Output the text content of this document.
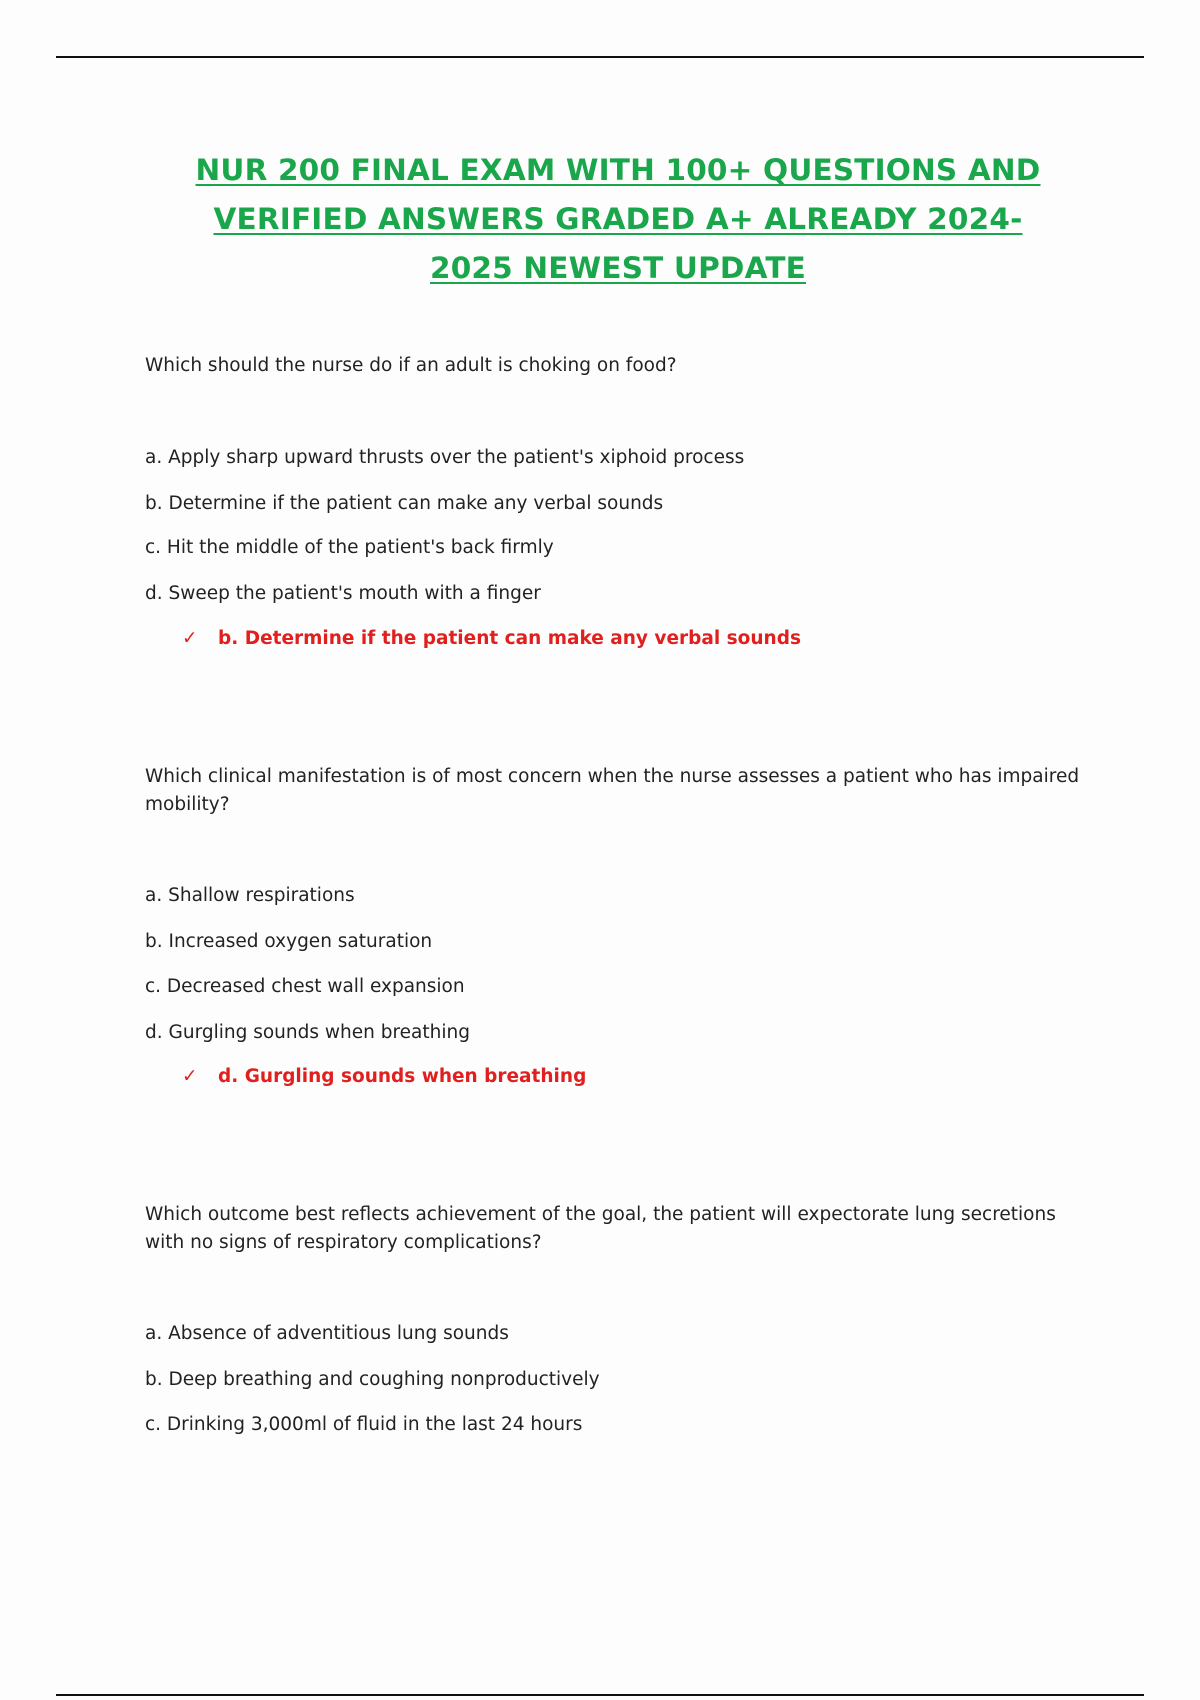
NUR 200 FINAL EXAM WITH 100+ QUESTIONS AND
VERIFIED ANSWERS GRADED A+ ALREADY 2024-
2025 NEWEST UPDATE
Which should the nurse do if an adult is choking on food?
a. Apply sharp upward thrusts over the patient's xiphoid process
b. Determine if the patient can make any verbal sounds
c. Hit the middle of the patient's back firmly
d. Sweep the patient's mouth with a finger
✓ b. Determine if the patient can make any verbal sounds
Which clinical manifestation is of most concern when the nurse assesses a patient who has impaired mobility?
a. Shallow respirations
b. Increased oxygen saturation
c. Decreased chest wall expansion
d. Gurgling sounds when breathing
✓ d. Gurgling sounds when breathing
Which outcome best reflects achievement of the goal, the patient will expectorate lung secretions with no signs of respiratory complications?
a. Absence of adventitious lung sounds
b. Deep breathing and coughing nonproductively
c. Drinking 3,000ml of fluid in the last 24 hours
